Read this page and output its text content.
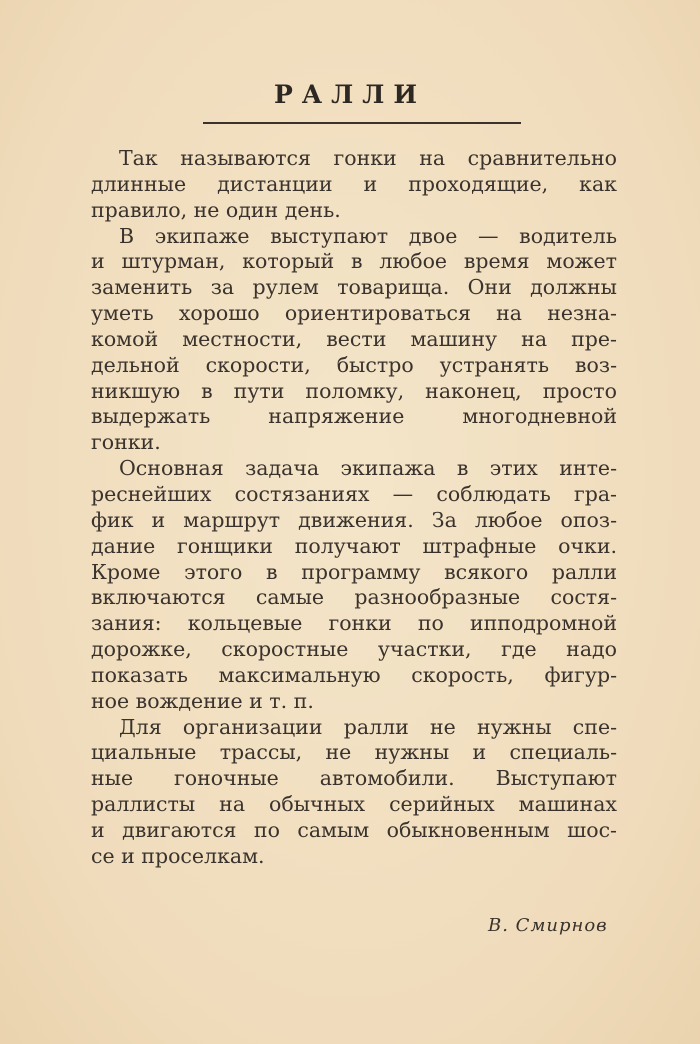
РАЛЛИ
Так называются гонки на сравнительно
длинные дистанции и проходящие, как
правило, не один день.
В экипаже выступают двое — водитель
и штурман, который в любое время может
заменить за рулем товарища. Они должны
уметь хорошо ориентироваться на незна-
комой местности, вести машину на пре-
дельной скорости, быстро устранять воз-
никшую в пути поломку, наконец, просто
выдержать напряжение многодневной
гонки.
Основная задача экипажа в этих инте-
реснейших состязаниях — соблюдать гра-
фик и маршрут движения. За любое опоз-
дание гонщики получают штрафные очки.
Кроме этого в программу всякого ралли
включаются самые разнообразные состя-
зания: кольцевые гонки по ипподромной
дорожке, скоростные участки, где надо
показать максимальную скорость, фигур-
ное вождение и т. п.
Для организации ралли не нужны спе-
циальные трассы, не нужны и специаль-
ные гоночные автомобили. Выступают
раллисты на обычных серийных машинах
и двигаются по самым обыкновенным шос-
се и проселкам.
В. Смирнов
